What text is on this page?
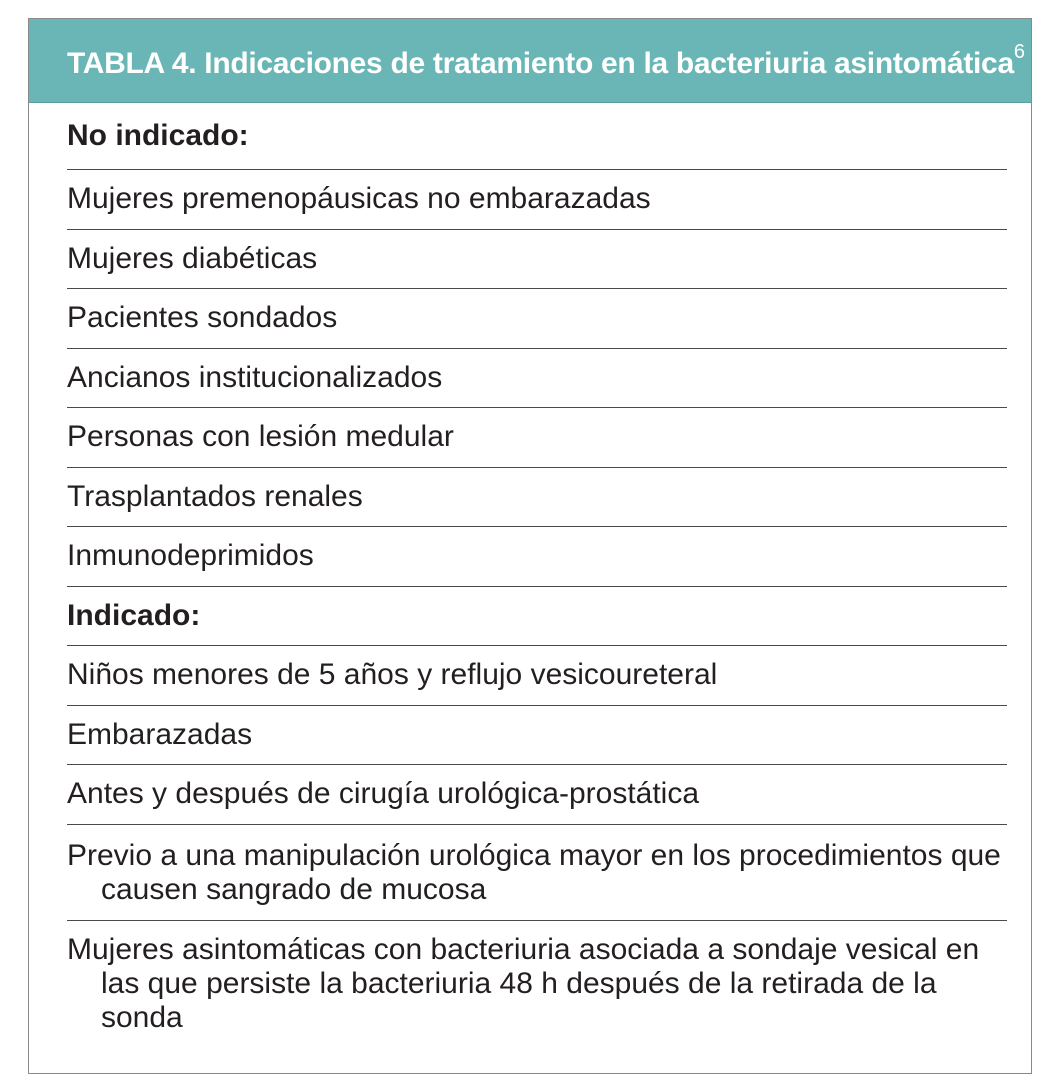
TABLA 4. Indicaciones de tratamiento en la bacteriuria asintomática$^6$
No indicado:
Mujeres premenopáusicas no embarazadas
Mujeres diabéticas
Pacientes sondados
Ancianos institucionalizados
Personas con lesión medular
Trasplantados renales
Inmunodeprimidos
Indicado:
Niños menores de 5 años y reflujo vesicoureteral
Embarazadas
Antes y después de cirugía urológica-prostática
Previo a una manipulación urológica mayor en los procedimientos que causen sangrado de mucosa
Mujeres asintomáticas con bacteriuria asociada a sondaje vesical en las que persiste la bacteriuria 48 h después de la retirada de la sonda
